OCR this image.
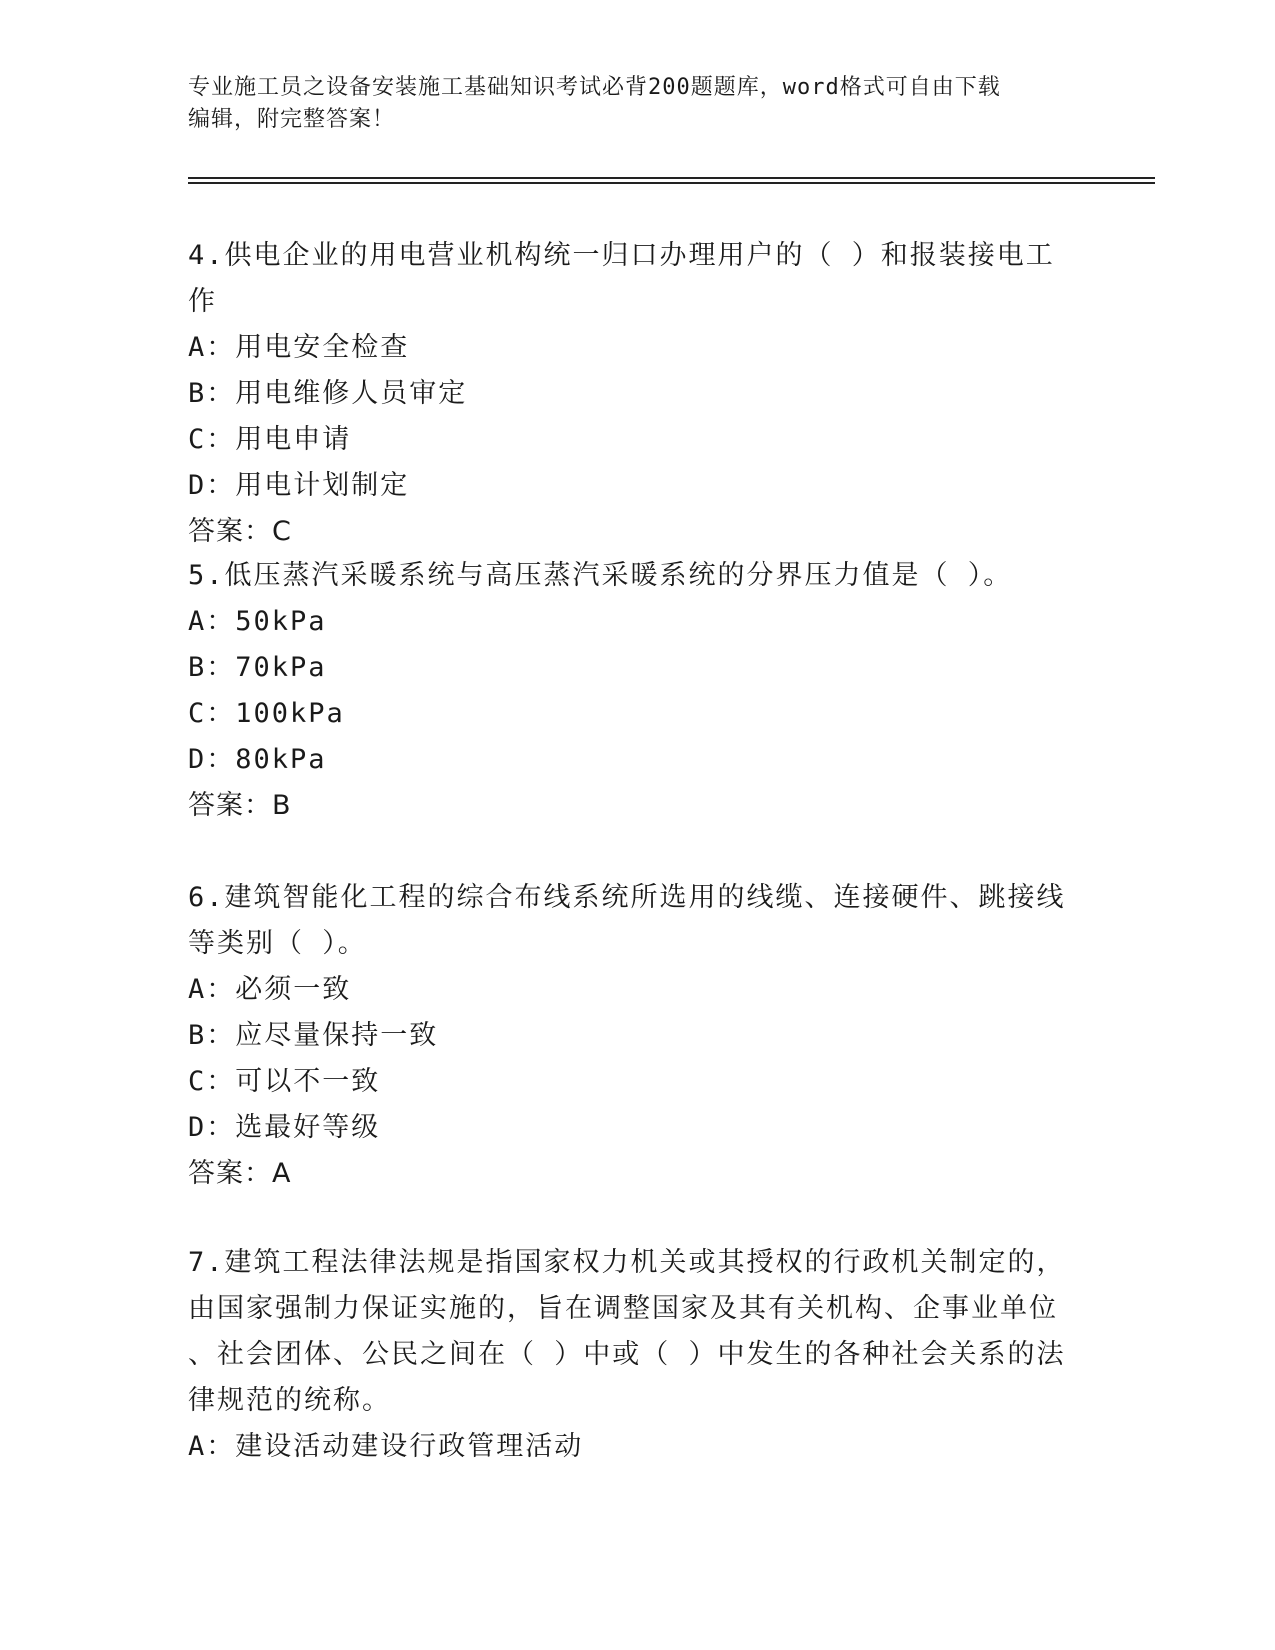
专业施工员之设备安装施工基础知识考试必背200题题库，word格式可自由下载
编辑，附完整答案！

4.供电企业的用电营业机构统一归口办理用户的（ ）和报装接电工作

A：用电安全检查

B：用电维修人员审定

C：用电申请

D：用电计划制定

答案：C

5.低压蒸汽采暖系统与高压蒸汽采暖系统的分界压力值是（ ）。

A：50kPa

B：70kPa

C：100kPa

D：80kPa

答案：B

6.建筑智能化工程的综合布线系统所选用的线缆、连接硬件、跳接线

等类别（ ）。

A：必须一致

B：应尽量保持一致

C：可以不一致

D：选最好等级

答案：A

7.建筑工程法律法规是指国家权力机关或其授权的行政机关制定的，

由国家强制力保证实施的，旨在调整国家及其有关机构、企事业单位

、社会团体、公民之间在（ ）中或（ ）中发生的各种社会关系的法

律规范的统称。

A：建设活动建设行政管理活动
